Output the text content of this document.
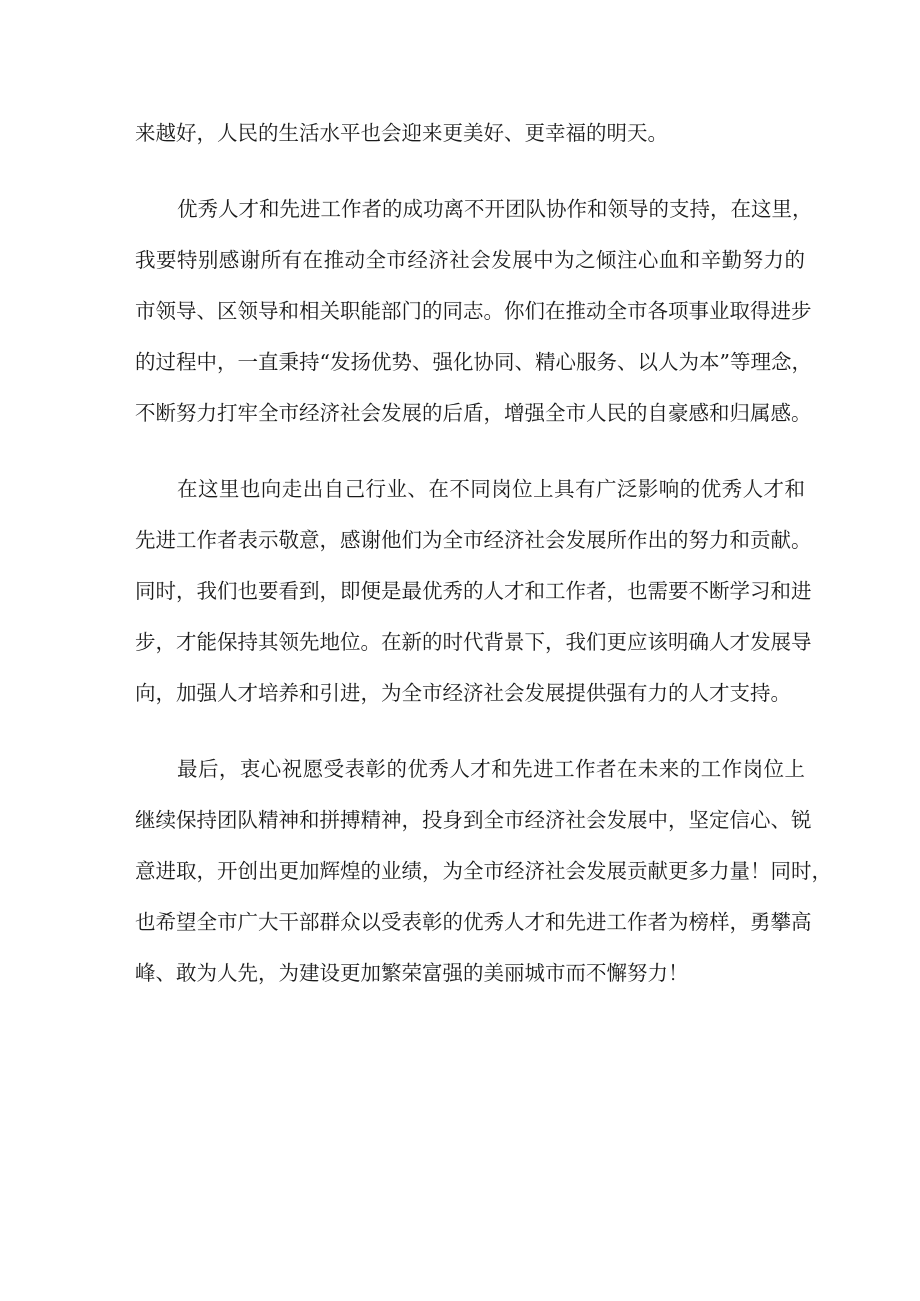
来越好，人民的生活水平也会迎来更美好、更幸福的明天。
优秀人才和先进工作者的成功离不开团队协作和领导的支持，在这里，
我要特别感谢所有在推动全市经济社会发展中为之倾注心血和辛勤努力的
市领导、区领导和相关职能部门的同志。你们在推动全市各项事业取得进步
的过程中，一直秉持“发扬优势、强化协同、精心服务、以人为本”等理念，
不断努力打牢全市经济社会发展的后盾，增强全市人民的自豪感和归属感。
在这里也向走出自己行业、在不同岗位上具有广泛影响的优秀人才和
先进工作者表示敬意，感谢他们为全市经济社会发展所作出的努力和贡献。
同时，我们也要看到，即便是最优秀的人才和工作者，也需要不断学习和进
步，才能保持其领先地位。在新的时代背景下，我们更应该明确人才发展导
向，加强人才培养和引进，为全市经济社会发展提供强有力的人才支持。
最后，衷心祝愿受表彰的优秀人才和先进工作者在未来的工作岗位上
继续保持团队精神和拼搏精神，投身到全市经济社会发展中，坚定信心、锐
意进取，开创出更加辉煌的业绩，为全市经济社会发展贡献更多力量！同时，
也希望全市广大干部群众以受表彰的优秀人才和先进工作者为榜样，勇攀高
峰、敢为人先，为建设更加繁荣富强的美丽城市而不懈努力！
